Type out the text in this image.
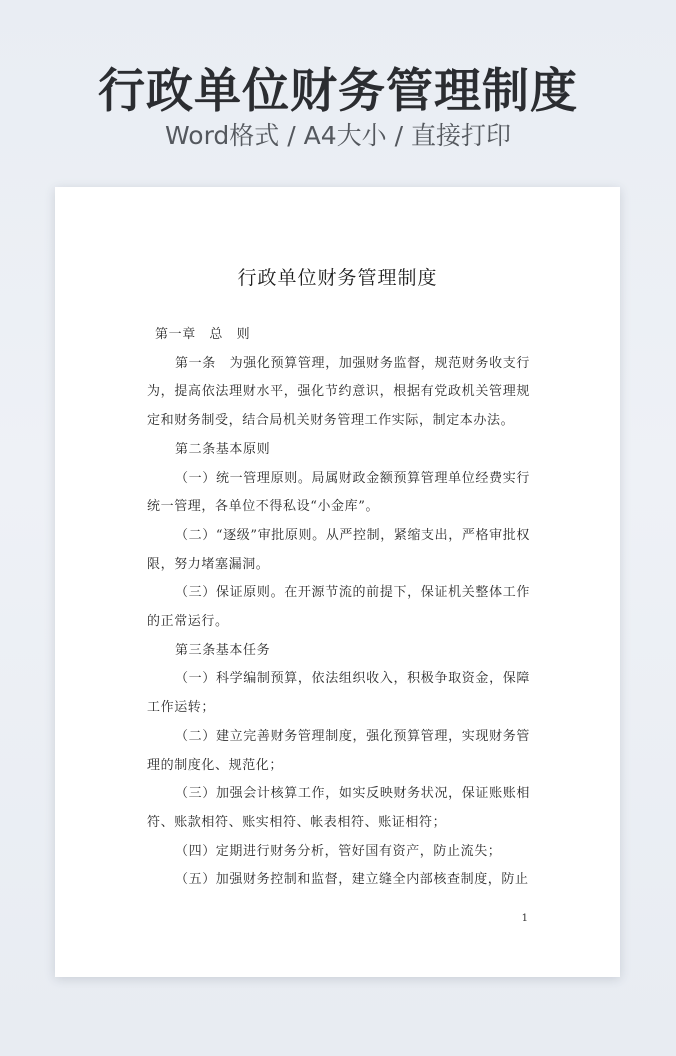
行政单位财务管理制度
Word格式 / A4大小 / 直接打印
行政单位财务管理制度

第一章　总　则

第一条　为强化预算管理，加强财务监督，规范财务收支行为，提高依法理财水平，强化节约意识，根据有党政机关管理规定和财务制受，结合局机关财务管理工作实际，制定本办法。

第二条基本原则

（一）统一管理原则。局属财政金额预算管理单位经费实行统一管理，各单位不得私设“小金库”。

（二）“逐级”审批原则。从严控制，紧缩支出，严格审批权限，努力堵塞漏洞。

（三）保证原则。在开源节流的前提下，保证机关整体工作的正常运行。

第三条基本任务

（一）科学编制预算，依法组织收入，积极争取资金，保障工作运转；

（二）建立完善财务管理制度，强化预算管理，实现财务管理的制度化、规范化；

（三）加强会计核算工作，如实反映财务状况，保证账账相符、账款相符、账实相符、帐表相符、账证相符；

（四）定期进行财务分析，管好国有资产，防止流失；

（五）加强财务控制和监督，建立缝全内部核查制度，防止

1
